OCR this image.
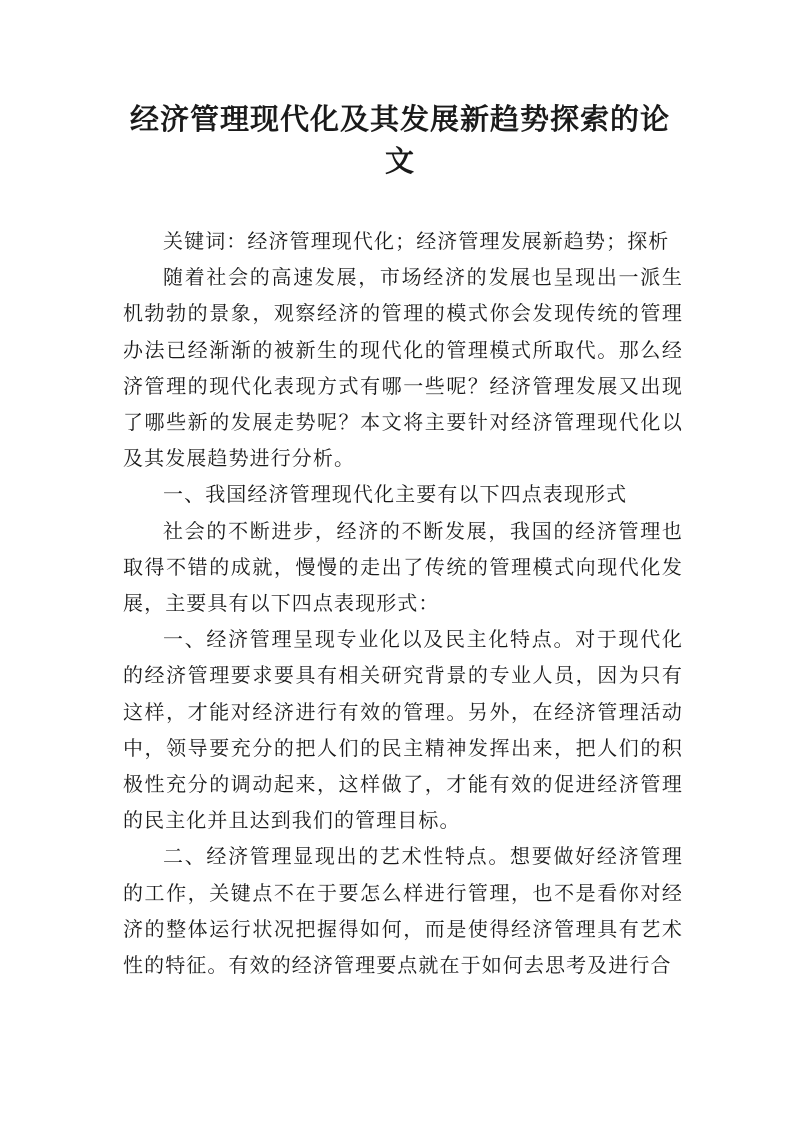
经济管理现代化及其发展新趋势探索的论文

关键词：经济管理现代化；经济管理发展新趋势；探析

随着社会的高速发展，市场经济的发展也呈现出一派生机勃勃的景象，观察经济的管理的模式你会发现传统的管理办法已经渐渐的被新生的现代化的管理模式所取代。那么经济管理的现代化表现方式有哪一些呢？经济管理发展又出现了哪些新的发展走势呢？本文将主要针对经济管理现代化以及其发展趋势进行分析。

一、我国经济管理现代化主要有以下四点表现形式

社会的不断进步，经济的不断发展，我国的经济管理也取得不错的成就，慢慢的走出了传统的管理模式向现代化发展，主要具有以下四点表现形式：

一、经济管理呈现专业化以及民主化特点。对于现代化的经济管理要求要具有相关研究背景的专业人员，因为只有这样，才能对经济进行有效的管理。另外，在经济管理活动中，领导要充分的把人们的民主精神发挥出来，把人们的积极性充分的调动起来，这样做了，才能有效的促进经济管理的民主化并且达到我们的管理目标。

二、经济管理显现出的艺术性特点。想要做好经济管理的工作，关键点不在于要怎么样进行管理，也不是看你对经济的整体运行状况把握得如何，而是使得经济管理具有艺术性的特征。有效的经济管理要点就在于如何去思考及进行合
